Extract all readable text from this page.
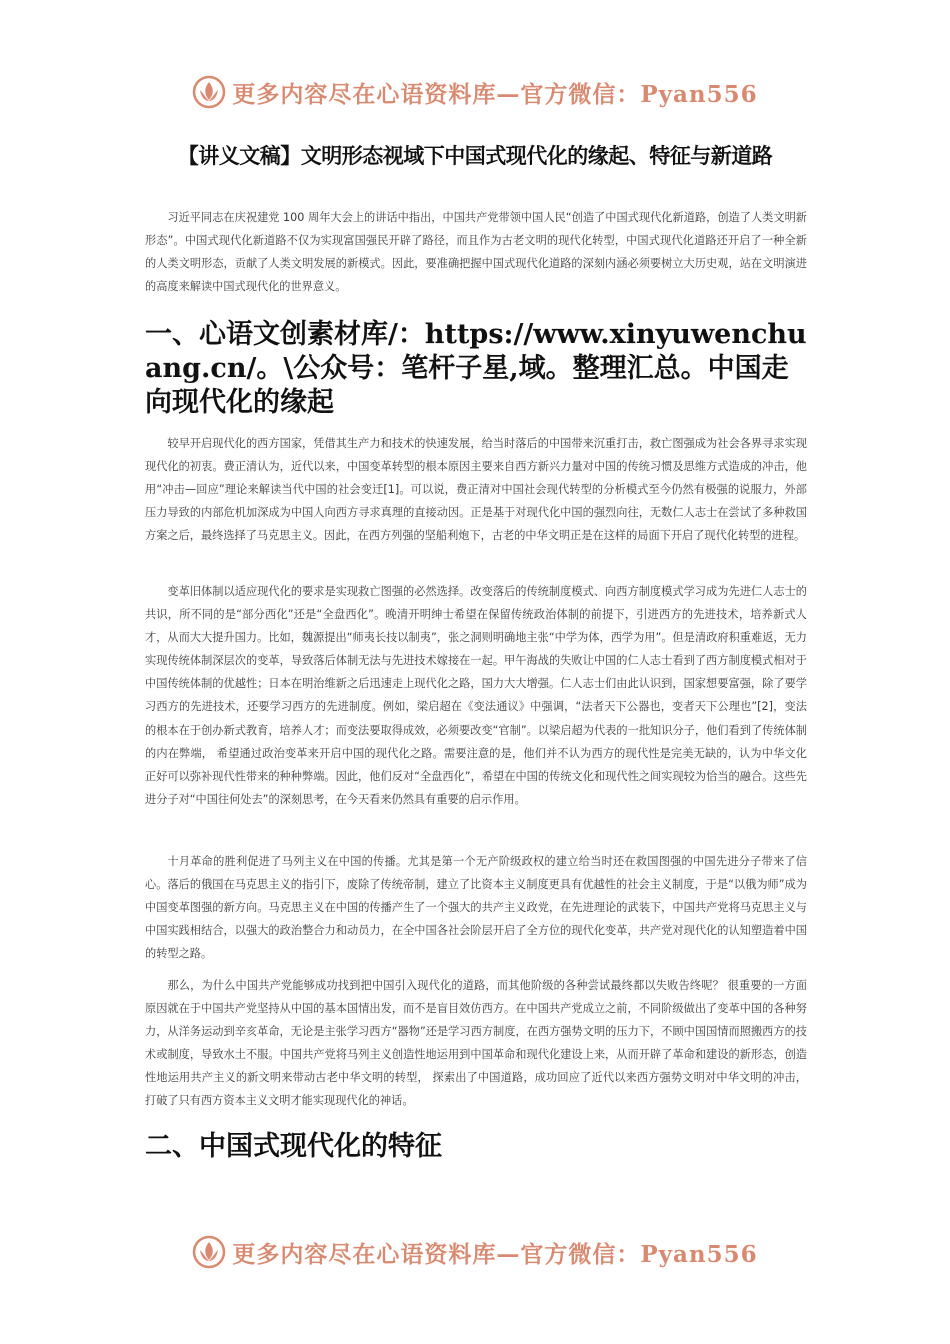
更多内容尽在心语资料库—官方微信：Pyan556
【讲义文稿】文明形态视域下中国式现代化的缘起、特征与新道路

习近平同志在庆祝建党 100 周年大会上的讲话中指出，中国共产党带领中国人民“创造了中国式现代化新道路，创造了人类文明新形态”。中国式现代化新道路不仅为实现富国强民开辟了路径，而且作为古老文明的现代化转型，中国式现代化道路还开启了一种全新的人类文明形态，贡献了人类文明发展的新模式。因此，要准确把握中国式现代化道路的深刻内涵必须要树立大历史观，站在文明演进的高度来解读中国式现代化的世界意义。

一、心语文创素材库/：https://www.xinyuwenchuang.cn/。\公众号：笔杆子星,域。整理汇总。中国走向现代化的缘起

较早开启现代化的西方国家，凭借其生产力和技术的快速发展，给当时落后的中国带来沉重打击，救亡图强成为社会各界寻求实现现代化的初衷。费正清认为，近代以来，中国变革转型的根本原因主要来自西方新兴力量对中国的传统习惯及思维方式造成的冲击，他用“冲击—回应”理论来解读当代中国的社会变迁[1]。可以说，费正清对中国社会现代转型的分析模式至今仍然有极强的说服力，外部压力导致的内部危机加深成为中国人向西方寻求真理的直接动因。正是基于对现代化中国的强烈向往，无数仁人志士在尝试了多种救国方案之后，最终选择了马克思主义。因此，在西方列强的坚船利炮下，古老的中华文明正是在这样的局面下开启了现代化转型的进程。

变革旧体制以适应现代化的要求是实现救亡图强的必然选择。改变落后的传统制度模式、向西方制度模式学习成为先进仁人志士的共识，所不同的是“部分西化”还是“全盘西化”。晚清开明绅士希望在保留传统政治体制的前提下，引进西方的先进技术，培养新式人才，从而大大提升国力。比如，魏源提出“师夷长技以制夷”，张之洞则明确地主张“中学为体，西学为用”。但是清政府积重难返，无力实现传统体制深层次的变革，导致落后体制无法与先进技术嫁接在一起。甲午海战的失败让中国的仁人志士看到了西方制度模式相对于中国传统体制的优越性；日本在明治维新之后迅速走上现代化之路，国力大大增强。仁人志士们由此认识到，国家想要富强，除了要学习西方的先进技术，还要学习西方的先进制度。例如，梁启超在《变法通议》中强调，“法者天下公器也，变者天下公理也”[2]，变法的根本在于创办新式教育，培养人才；而变法要取得成效，必须要改变“官制”。以梁启超为代表的一批知识分子，他们看到了传统体制的内在弊端， 希望通过政治变革来开启中国的现代化之路。需要注意的是，他们并不认为西方的现代性是完美无缺的，认为中华文化正好可以弥补现代性带来的种种弊端。因此，他们反对“全盘西化”，希望在中国的传统文化和现代性之间实现较为恰当的融合。这些先进分子对“中国往何处去”的深刻思考，在今天看来仍然具有重要的启示作用。

十月革命的胜利促进了马列主义在中国的传播。尤其是第一个无产阶级政权的建立给当时还在救国图强的中国先进分子带来了信心。落后的俄国在马克思主义的指引下，废除了传统帝制，建立了比资本主义制度更具有优越性的社会主义制度，于是“以俄为师”成为中国变革图强的新方向。马克思主义在中国的传播产生了一个强大的共产主义政党，在先进理论的武装下，中国共产党将马克思主义与中国实践相结合，以强大的政治整合力和动员力，在全中国各社会阶层开启了全方位的现代化变革，共产党对现代化的认知塑造着中国的转型之路。

那么，为什么中国共产党能够成功找到把中国引入现代化的道路，而其他阶级的各种尝试最终都以失败告终呢？ 很重要的一方面原因就在于中国共产党坚持从中国的基本国情出发，而不是盲目效仿西方。在中国共产党成立之前，不同阶级做出了变革中国的各种努力，从洋务运动到辛亥革命，无论是主张学习西方“器物”还是学习西方制度，在西方强势文明的压力下，不顾中国国情而照搬西方的技术或制度，导致水土不服。中国共产党将马列主义创造性地运用到中国革命和现代化建设上来，从而开辟了革命和建设的新形态，创造性地运用共产主义的新文明来带动古老中华文明的转型， 探索出了中国道路，成功回应了近代以来西方强势文明对中华文明的冲击，打破了只有西方资本主义文明才能实现现代化的神话。

二、中国式现代化的特征
更多内容尽在心语资料库—官方微信：Pyan556
